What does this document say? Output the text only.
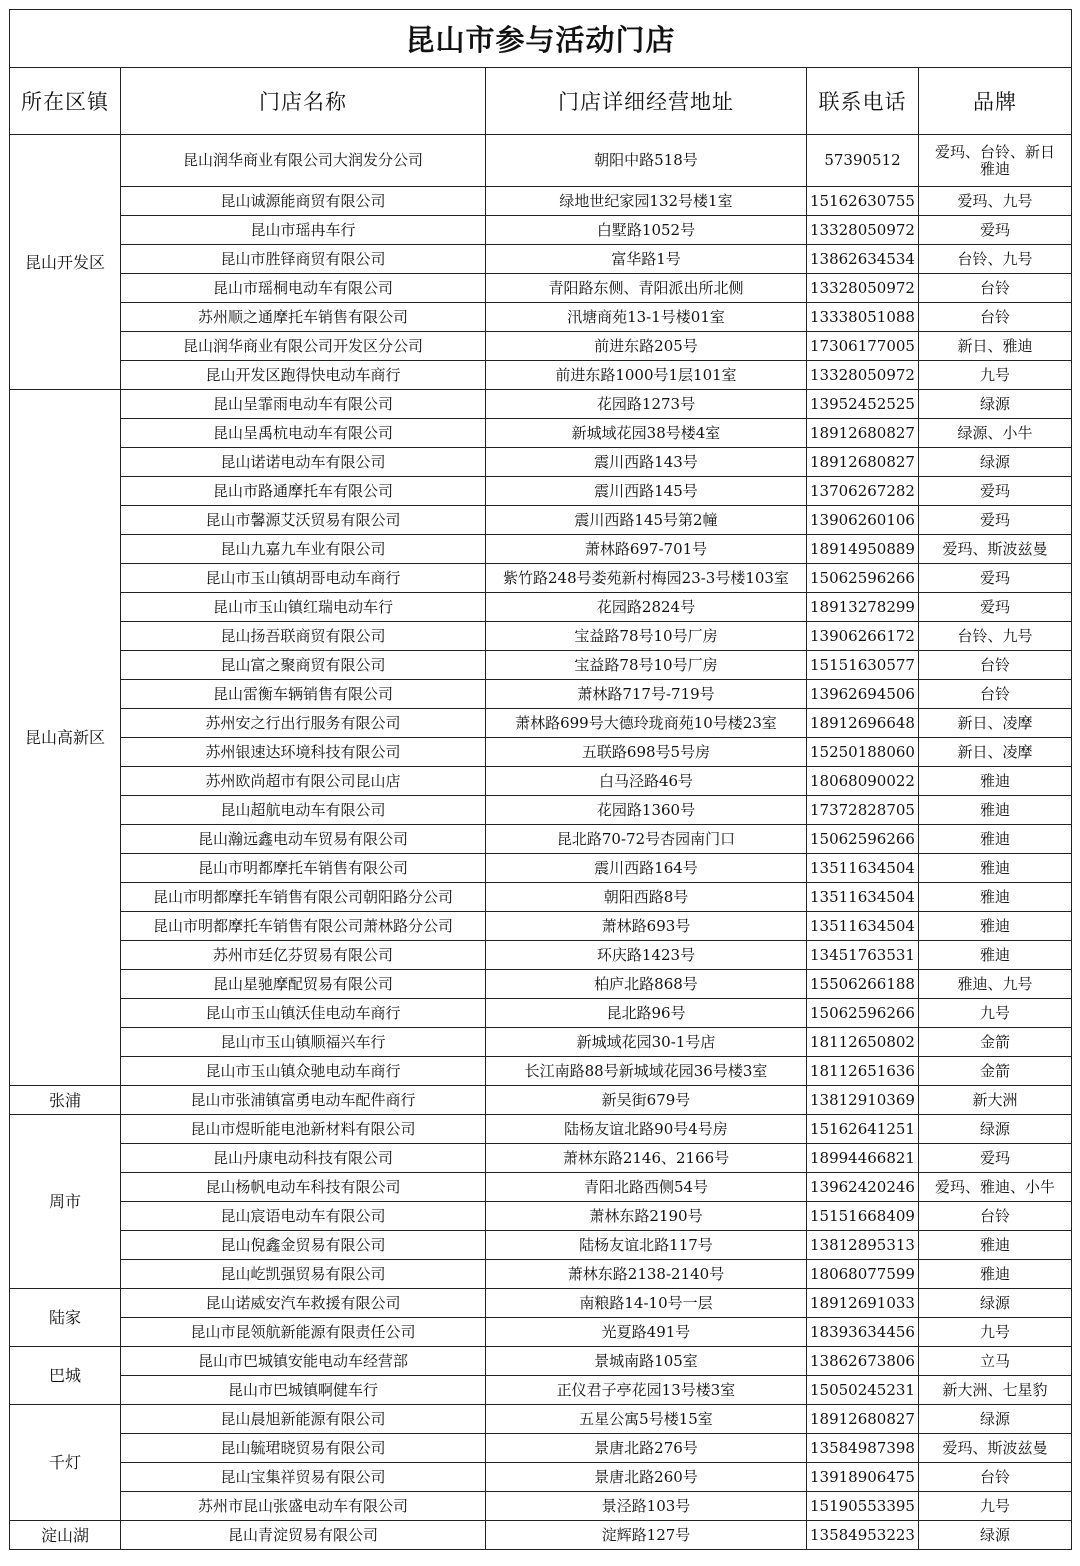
昆山市参与活动门店				
所在区镇	门店名称	门店详细经营地址	联系电话	品牌
昆山开发区	昆山润华商业有限公司大润发分公司	朝阳中路518号	57390512	爱玛、台铃、新日雅迪
	昆山诚源能商贸有限公司	绿地世纪家园132号楼1室	15162630755	爱玛、九号
	昆山市瑶冉车行	白墅路1052号	13328050972	爱玛
	昆山市胜铎商贸有限公司	富华路1号	13862634534	台铃、九号
	昆山市瑶桐电动车有限公司	青阳路东侧、青阳派出所北侧	13328050972	台铃
	苏州顺之通摩托车销售有限公司	汛塘商苑13-1号楼01室	13338051088	台铃
	昆山润华商业有限公司开发区分公司	前进东路205号	17306177005	新日、雅迪
	昆山开发区跑得快电动车商行	前进东路1000号1层101室	13328050972	九号
昆山高新区	昆山呈霏雨电动车有限公司	花园路1273号	13952452525	绿源
	昆山呈禹杭电动车有限公司	新城域花园38号楼4室	18912680827	绿源、小牛
	昆山诺诺电动车有限公司	震川西路143号	18912680827	绿源
	昆山市路通摩托车有限公司	震川西路145号	13706267282	爱玛
	昆山市馨源艾沃贸易有限公司	震川西路145号第2幢	13906260106	爱玛
	昆山九嘉九车业有限公司	萧林路697-701号	18914950889	爱玛、斯波兹曼
	昆山市玉山镇胡哥电动车商行	紫竹路248号娄苑新村梅园23-3号楼103室	15062596266	爱玛
	昆山市玉山镇红瑞电动车行	花园路2824号	18913278299	爱玛
	昆山扬吾联商贸有限公司	宝益路78号10号厂房	13906266172	台铃、九号
	昆山富之聚商贸有限公司	宝益路78号10号厂房	15151630577	台铃
	昆山雷衡车辆销售有限公司	萧林路717号-719号	13962694506	台铃
	苏州安之行出行服务有限公司	萧林路699号大德玲珑商苑10号楼23室	18912696648	新日、凌摩
	苏州银速达环境科技有限公司	五联路698号5号房	15250188060	新日、凌摩
	苏州欧尚超市有限公司昆山店	白马泾路46号	18068090022	雅迪
	昆山超航电动车有限公司	花园路1360号	17372828705	雅迪
	昆山瀚远鑫电动车贸易有限公司	昆北路70-72号杏园南门口	15062596266	雅迪
	昆山市明都摩托车销售有限公司	震川西路164号	13511634504	雅迪
	昆山市明都摩托车销售有限公司朝阳路分公司	朝阳西路8号	13511634504	雅迪
	昆山市明都摩托车销售有限公司萧林路分公司	萧林路693号	13511634504	雅迪
	苏州市廷亿芬贸易有限公司	环庆路1423号	13451763531	雅迪
	昆山星驰摩配贸易有限公司	柏庐北路868号	15506266188	雅迪、九号
	昆山市玉山镇沃佳电动车商行	昆北路96号	15062596266	九号
	昆山市玉山镇顺福兴车行	新城域花园30-1号店	18112650802	金箭
	昆山市玉山镇众驰电动车商行	长江南路88号新城域花园36号楼3室	18112651636	金箭
张浦	昆山市张浦镇富勇电动车配件商行	新吴街679号	13812910369	新大洲
周市	昆山市煜昕能电池新材料有限公司	陆杨友谊北路90号4号房	15162641251	绿源
	昆山丹康电动科技有限公司	萧林东路2146、2166号	18994466821	爱玛
	昆山杨帆电动车科技有限公司	青阳北路西侧54号	13962420246	爱玛、雅迪、小牛
	昆山宸语电动车有限公司	萧林东路2190号	15151668409	台铃
	昆山倪鑫金贸易有限公司	陆杨友谊北路117号	13812895313	雅迪
	昆山屹凯强贸易有限公司	萧林东路2138-2140号	18068077599	雅迪
陆家	昆山诺威安汽车救援有限公司	南粮路14-10号一层	18912691033	绿源
	昆山市昆领航新能源有限责任公司	光夏路491号	18393634456	九号
巴城	昆山市巴城镇安能电动车经营部	景城南路105室	13862673806	立马
	昆山市巴城镇啊健车行	正仪君子亭花园13号楼3室	15050245231	新大洲、七星豹
千灯	昆山晨旭新能源有限公司	五星公寓5号楼15室	18912680827	绿源
	昆山毓珺晓贸易有限公司	景唐北路276号	13584987398	爱玛、斯波兹曼
	昆山宝集祥贸易有限公司	景唐北路260号	13918906475	台铃
	苏州市昆山张盛电动车有限公司	景泾路103号	15190553395	九号
淀山湖	昆山青淀贸易有限公司	淀辉路127号	13584953223	绿源
